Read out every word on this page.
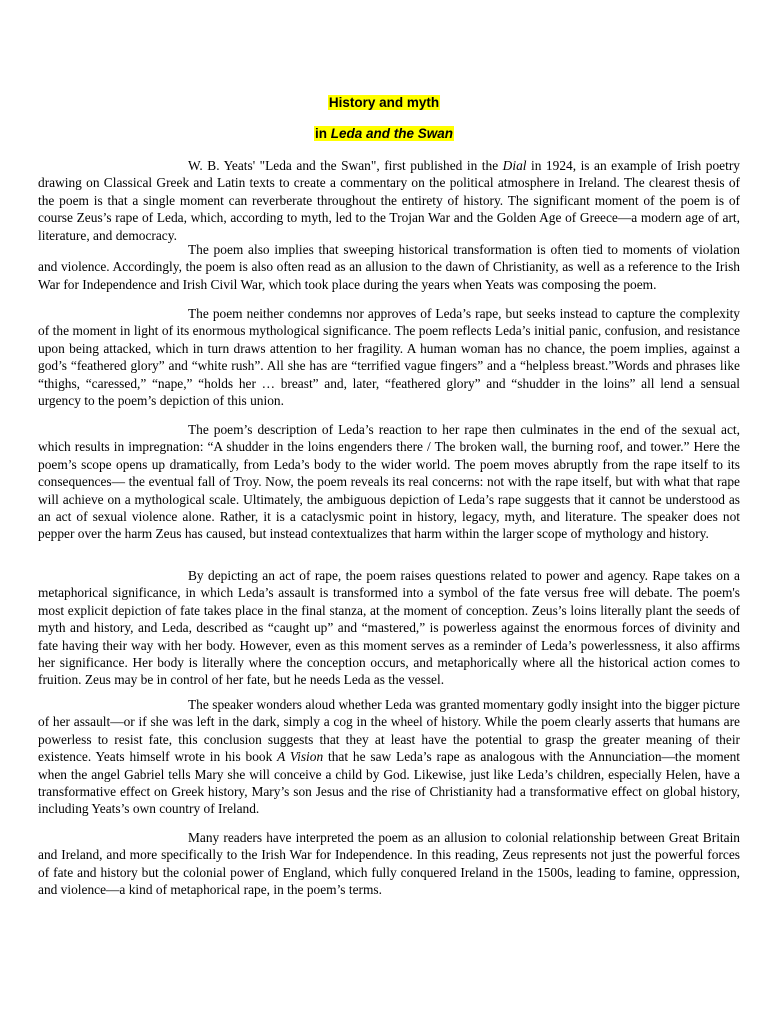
History and myth
in Leda and the Swan

W. B. Yeats' "Leda and the Swan", first published in the Dial in 1924, is an example of Irish poetry drawing on Classical Greek and Latin texts to create a commentary on the political atmosphere in Ireland. The clearest thesis of the poem is that a single moment can reverberate throughout the entirety of history. The significant moment of the poem is of course Zeus’s rape of Leda, which, according to myth, led to the Trojan War and the Golden Age of Greece—a modern age of art, literature, and democracy.

The poem also implies that sweeping historical transformation is often tied to moments of violation and violence. Accordingly, the poem is also often read as an allusion to the dawn of Christianity, as well as a reference to the Irish War for Independence and Irish Civil War, which took place during the years when Yeats was composing the poem.

The poem neither condemns nor approves of Leda’s rape, but seeks instead to capture the complexity of the moment in light of its enormous mythological significance. The poem reflects Leda’s initial panic, confusion, and resistance upon being attacked, which in turn draws attention to her fragility. A human woman has no chance, the poem implies, against a god’s “feathered glory” and “white rush”. All she has are “terrified vague fingers” and a “helpless breast.”Words and phrases like “thighs, “caressed,” “nape,” “holds her … breast” and, later, “feathered glory” and “shudder in the loins” all lend a sensual urgency to the poem’s depiction of this union.

The poem’s description of Leda’s reaction to her rape then culminates in the end of the sexual act, which results in impregnation: “A shudder in the loins engenders there / The broken wall, the burning roof, and tower.” Here the poem’s scope opens up dramatically, from Leda’s body to the wider world. The poem moves abruptly from the rape itself to its consequences— the eventual fall of Troy. Now, the poem reveals its real concerns: not with the rape itself, but with what that rape will achieve on a mythological scale. Ultimately, the ambiguous depiction of Leda’s rape suggests that it cannot be understood as an act of sexual violence alone. Rather, it is a cataclysmic point in history, legacy, myth, and literature. The speaker does not pepper over the harm Zeus has caused, but instead contextualizes that harm within the larger scope of mythology and history.

By depicting an act of rape, the poem raises questions related to power and agency. Rape takes on a metaphorical significance, in which Leda’s assault is transformed into a symbol of the fate versus free will debate. The poem's most explicit depiction of fate takes place in the final stanza, at the moment of conception. Zeus’s loins literally plant the seeds of myth and history, and Leda, described as “caught up” and “mastered,” is powerless against the enormous forces of divinity and fate having their way with her body. However, even as this moment serves as a reminder of Leda’s powerlessness, it also affirms her significance. Her body is literally where the conception occurs, and metaphorically where all the historical action comes to fruition. Zeus may be in control of her fate, but he needs Leda as the vessel.

The speaker wonders aloud whether Leda was granted momentary godly insight into the bigger picture of her assault—or if she was left in the dark, simply a cog in the wheel of history. While the poem clearly asserts that humans are powerless to resist fate, this conclusion suggests that they at least have the potential to grasp the greater meaning of their existence. Yeats himself wrote in his book A Vision that he saw Leda’s rape as analogous with the Annunciation—the moment when the angel Gabriel tells Mary she will conceive a child by God. Likewise, just like Leda’s children, especially Helen, have a transformative effect on Greek history, Mary’s son Jesus and the rise of Christianity had a transformative effect on global history, including Yeats’s own country of Ireland.

Many readers have interpreted the poem as an allusion to colonial relationship between Great Britain and Ireland, and more specifically to the Irish War for Independence. In this reading, Zeus represents not just the powerful forces of fate and history but the colonial power of England, which fully conquered Ireland in the 1500s, leading to famine, oppression, and violence—a kind of metaphorical rape, in the poem’s terms.
